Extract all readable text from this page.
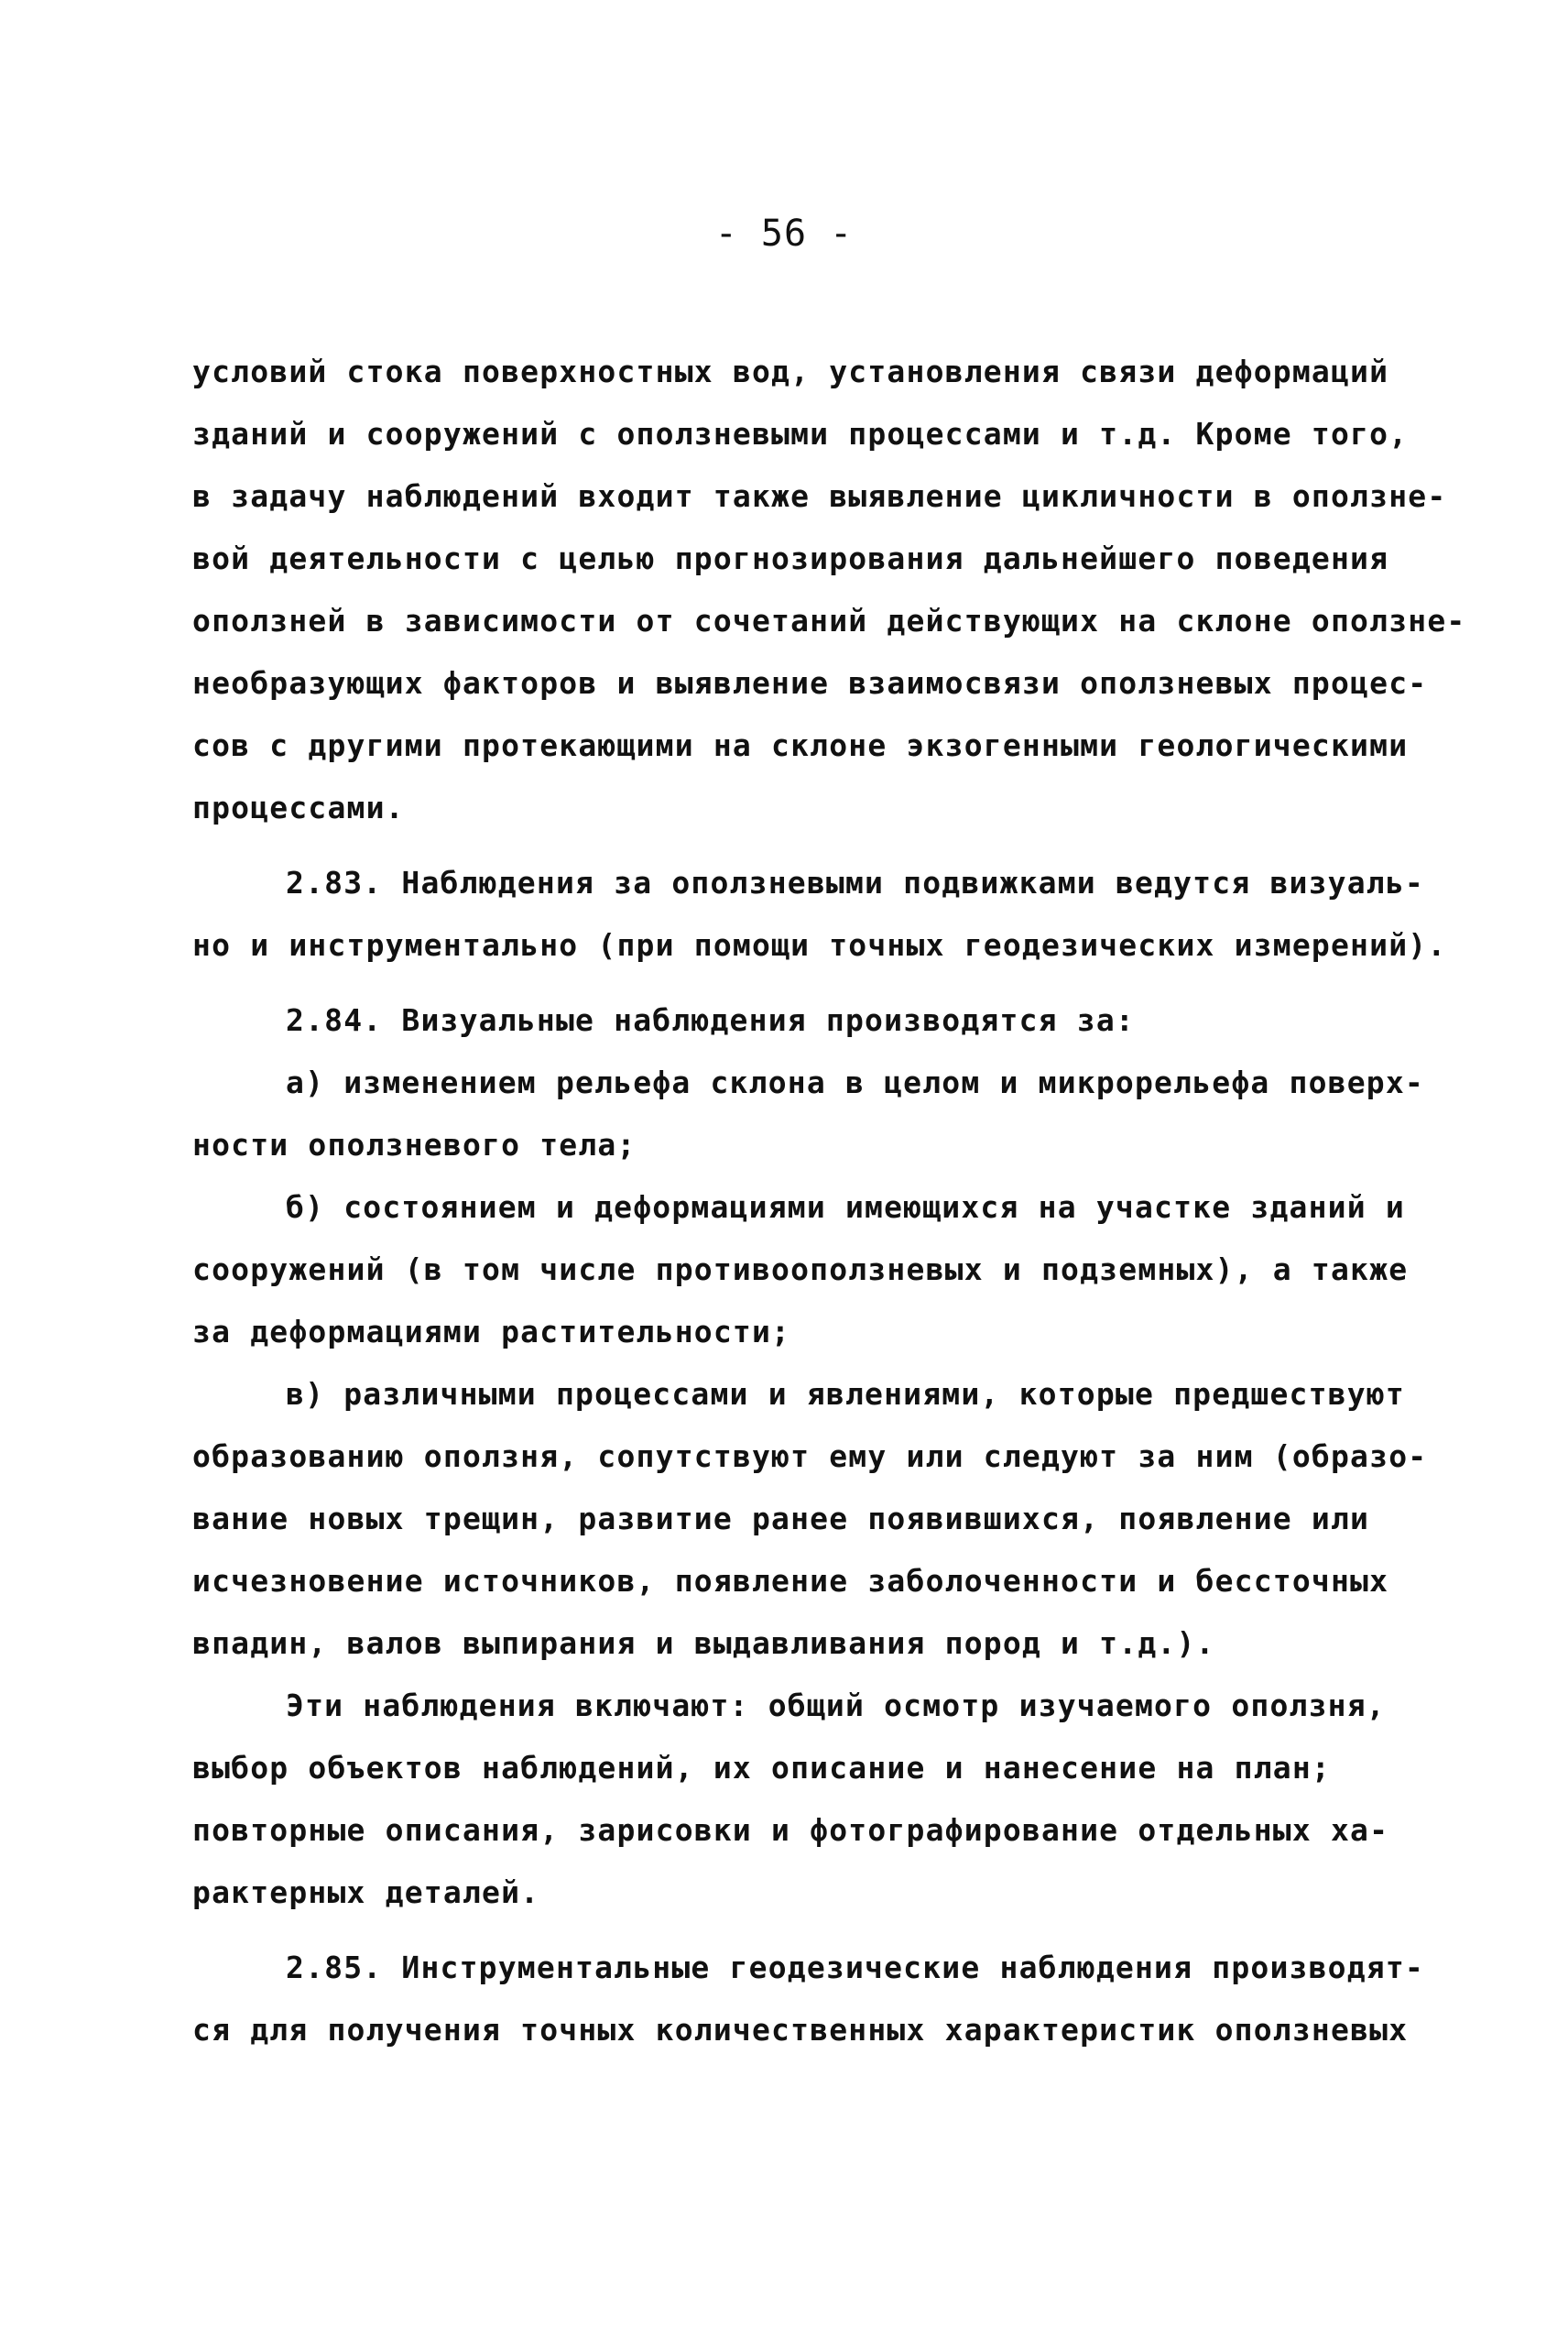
- 56 -
условий стока поверхностных вод, установления связи деформаций
зданий и сооружений с оползневыми процессами и т.д. Кроме того,
в задачу наблюдений входит также выявление цикличности в оползне-
вой деятельности с целью прогнозирования дальнейшего поведения
оползней в зависимости от сочетаний действующих на склоне оползне-
необразующих факторов и выявление взаимосвязи оползневых процес-
сов с другими протекающими на склоне экзогенными геологическими
процессами.
2.83. Наблюдения за оползневыми подвижками ведутся визуаль-
но и инструментально (при помощи точных геодезических измерений).
2.84. Визуальные наблюдения производятся за:
а) изменением рельефа склона в целом и микрорельефа поверх-
ности оползневого тела;
б) состоянием и деформациями имеющихся на участке зданий и
сооружений (в том числе противооползневых и подземных), а также
за деформациями растительности;
в) различными процессами и явлениями, которые предшествуют
образованию оползня, сопутствуют ему или следуют за ним (образо-
вание новых трещин, развитие ранее появившихся, появление или
исчезновение источников, появление заболоченности и бессточных
впадин, валов выпирания и выдавливания пород и т.д.).
Эти наблюдения включают: общий осмотр изучаемого оползня,
выбор объектов наблюдений, их описание и нанесение на план;
повторные описания, зарисовки и фотографирование отдельных ха-
рактерных деталей.
2.85. Инструментальные геодезические наблюдения производят-
ся для получения точных количественных характеристик оползневых
